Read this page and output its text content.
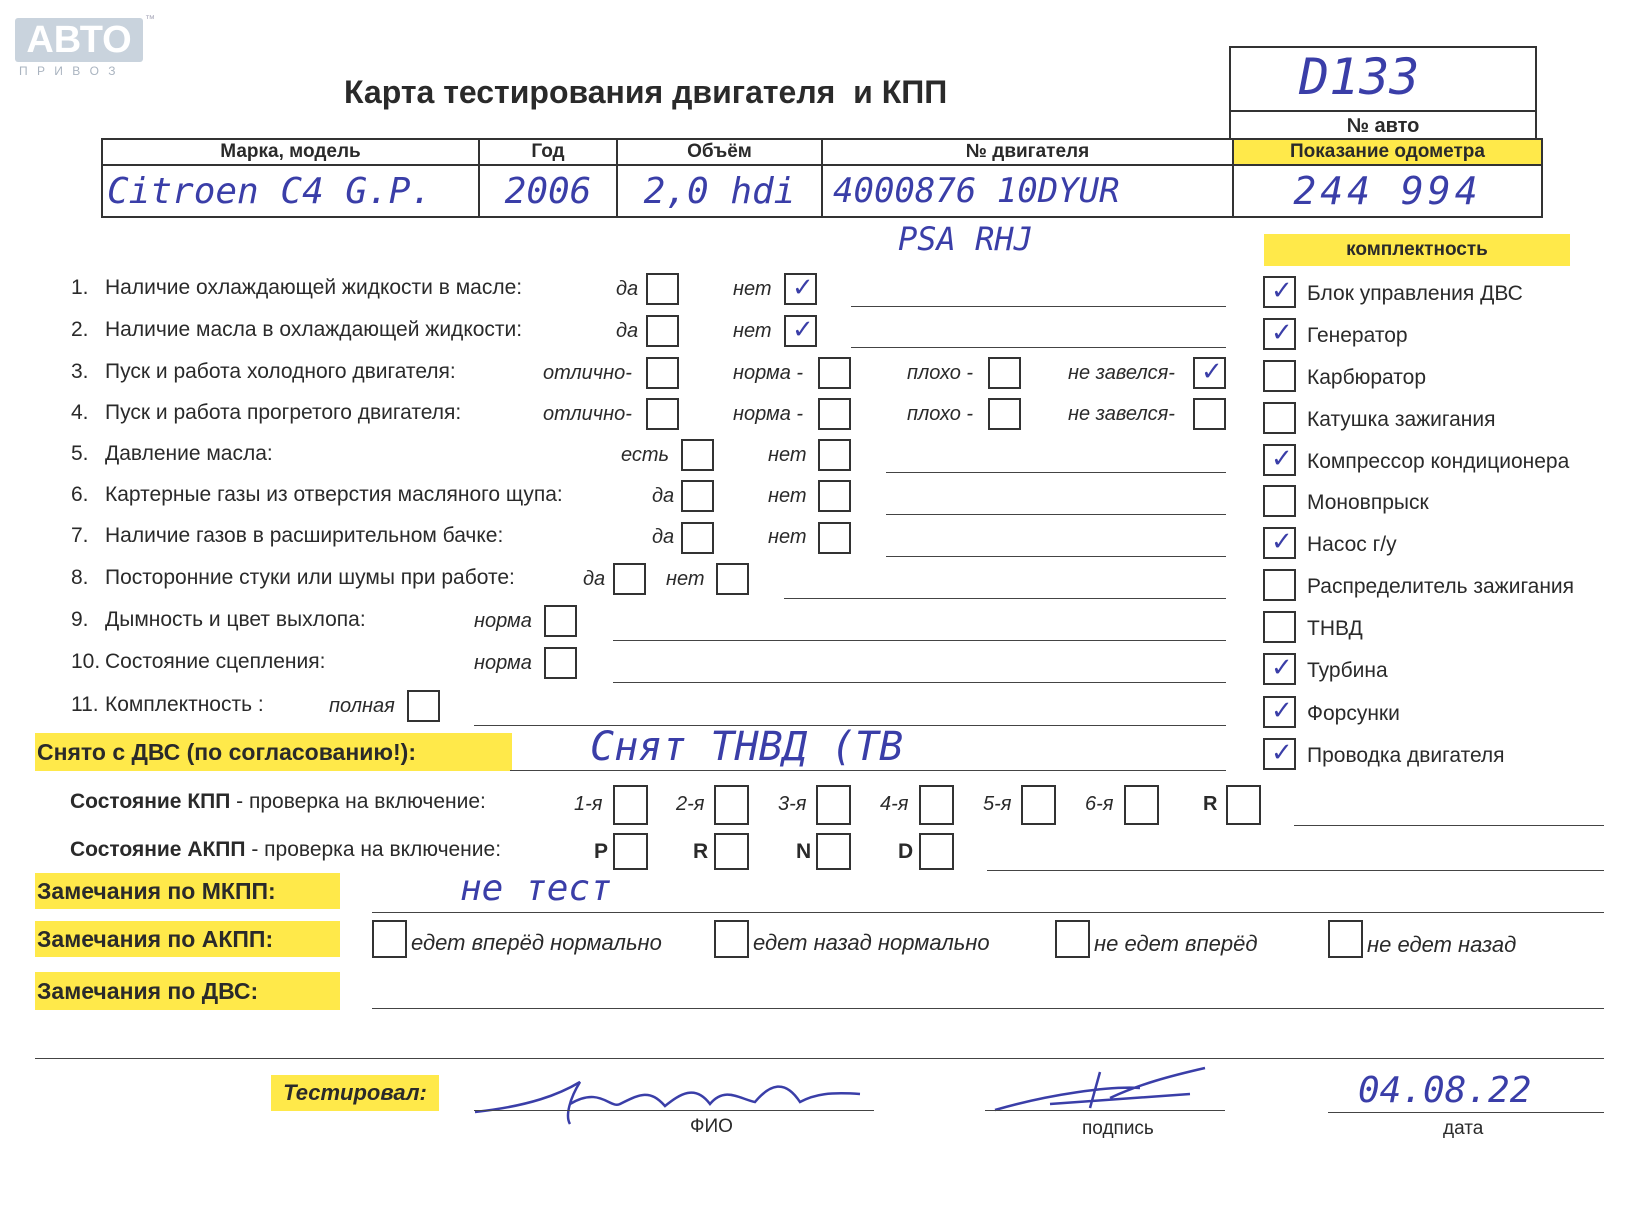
АВТО	™
П Р И В О З
Карта тестирования двигателя  и КПП	D133
№ авто
Марка, модель	Год	Объём	№ двигателя	Показание одометра
Citroen C4 G.P.	2006	2,0 hdi	4000876 10DYUR	244 994
PSA RHJ	комплектность
1. Наличие охлаждающей жидкости в масле:	да	нет ✓
2. Наличие масла в охлаждающей жидкости:	да	нет ✓
3. Пуск и работа холодного двигателя:	отлично-	норма -	плохо -	не завелся- ✓
4. Пуск и работа прогретого двигателя:	отлично-	норма -	плохо -	не завелся-
5. Давление масла:	есть	нет
6. Картерные газы из отверстия масляного щупа:	да	нет
7. Наличие газов в расширительном бачке:	да	нет
8. Посторонние стуки или шумы при работе:	да	нет
9. Дымность и цвет выхлопа:	норма
10. Состояние сцепления:	норма
11. Комплектность :	полная
✓ Блок управления ДВС
✓ Генератор
Карбюратор
Катушка зажигания
✓ Компрессор кондиционера
Моновпрыск
✓ Насос г/у
Распределитель зажигания
ТНВД
✓ Турбина
✓ Форсунки
✓ Проводка двигателя
Снято с ДВС (по согласованию!):	Снят ТНВД (ТВ
Состояние КПП - проверка на включение:	1-я	2-я	3-я	4-я	5-я	6-я	R
Состояние АКПП - проверка на включение:	P	R	N	D
Замечания по МКПП:	не тест
Замечания по АКПП:	едет вперёд нормально	едет назад нормально	не едет вперёд	не едет назад
Замечания по ДВС:
Тестировал:
ФИО	подпись
04.08.22
дата
